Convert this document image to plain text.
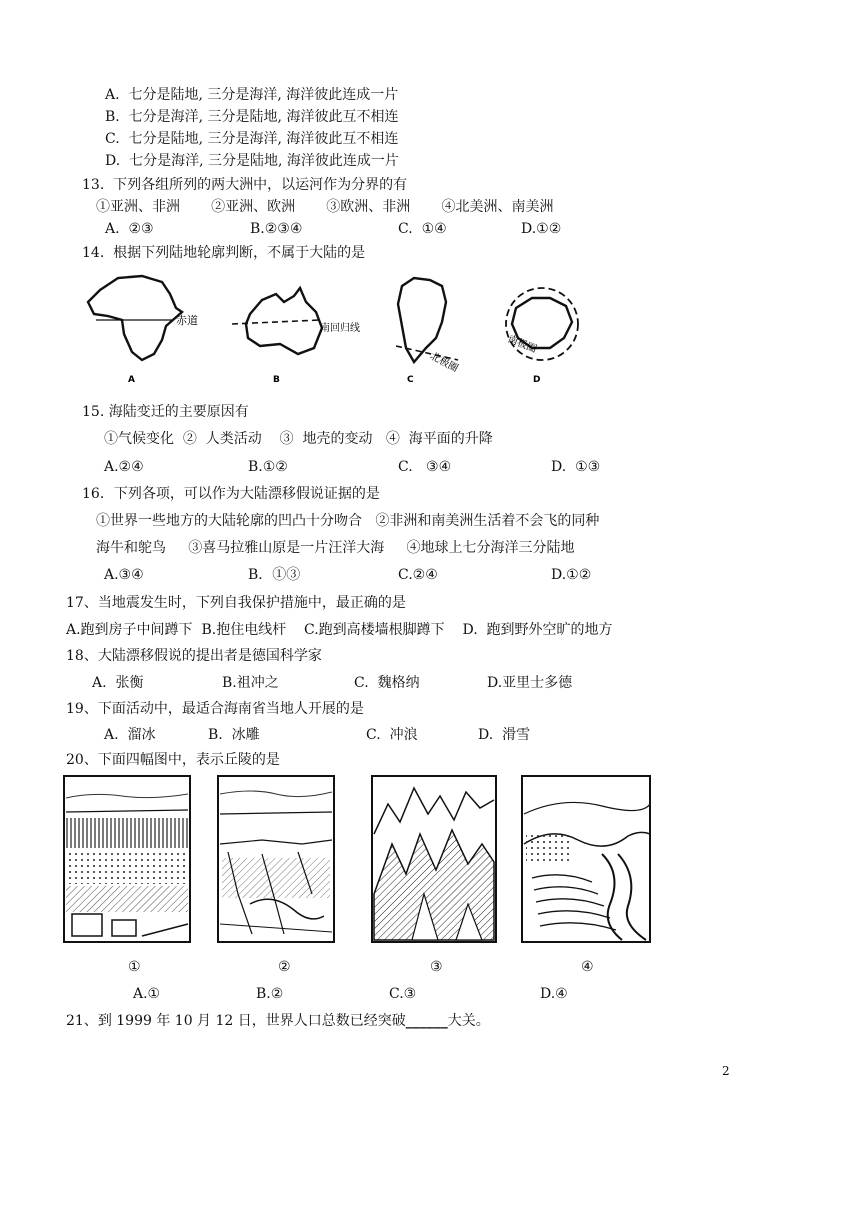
A.  七分是陆地, 三分是海洋, 海洋彼此连成一片
B.  七分是海洋, 三分是陆地, 海洋彼此互不相连
C.  七分是陆地, 三分是海洋, 海洋彼此互不相连
D.  七分是海洋, 三分是陆地, 海洋彼此连成一片
13.  下列各组所列的两大洲中，以运河作为分界的有
①亚洲、非洲       ②亚洲、欧洲       ③欧洲、非洲       ④北美洲、南美洲
A.  ②③	B.②③④	C.  ①④	D.①②
14.  根据下列陆地轮廓判断，不属于大陆的是
赤道
A
南回归线
B
北极圈
C
南极圈
D
15. 海陆变迁的主要原因有
①气候变化  ②  人类活动    ③  地壳的变动   ④  海平面的升降
A.②④	B.①②	C.   ③④	D.  ①③
16．下列各项，可以作为大陆漂移假说证据的是
①世界一些地方的大陆轮廓的凹凸十分吻合   ②非洲和南美洲生活着不会飞的同种
海牛和鸵鸟     ③喜马拉雅山原是一片汪洋大海     ④地球上七分海洋三分陆地
A.③④	B．①③	C.②④	D.①②
17、当地震发生时，下列自我保护措施中，最正确的是
A.跑到房子中间蹲下  B.抱住电线杆    C.跑到高楼墙根脚蹲下    D.  跑到野外空旷的地方
18、大陆漂移假说的提出者是德国科学家
A.  张衡	B.祖冲之	C.  魏格纳	D.亚里士多德
19、下面活动中，最适合海南省当地人开展的是
A.  溜冰	B.  冰雕	C.  冲浪	D.  滑雪
20、下面四幅图中，表示丘陵的是
①	②	③	④
A.①	B.②	C.③	D.④
21、到 1999 年 10 月 12 日，世界人口总数已经突破______大关。
2
